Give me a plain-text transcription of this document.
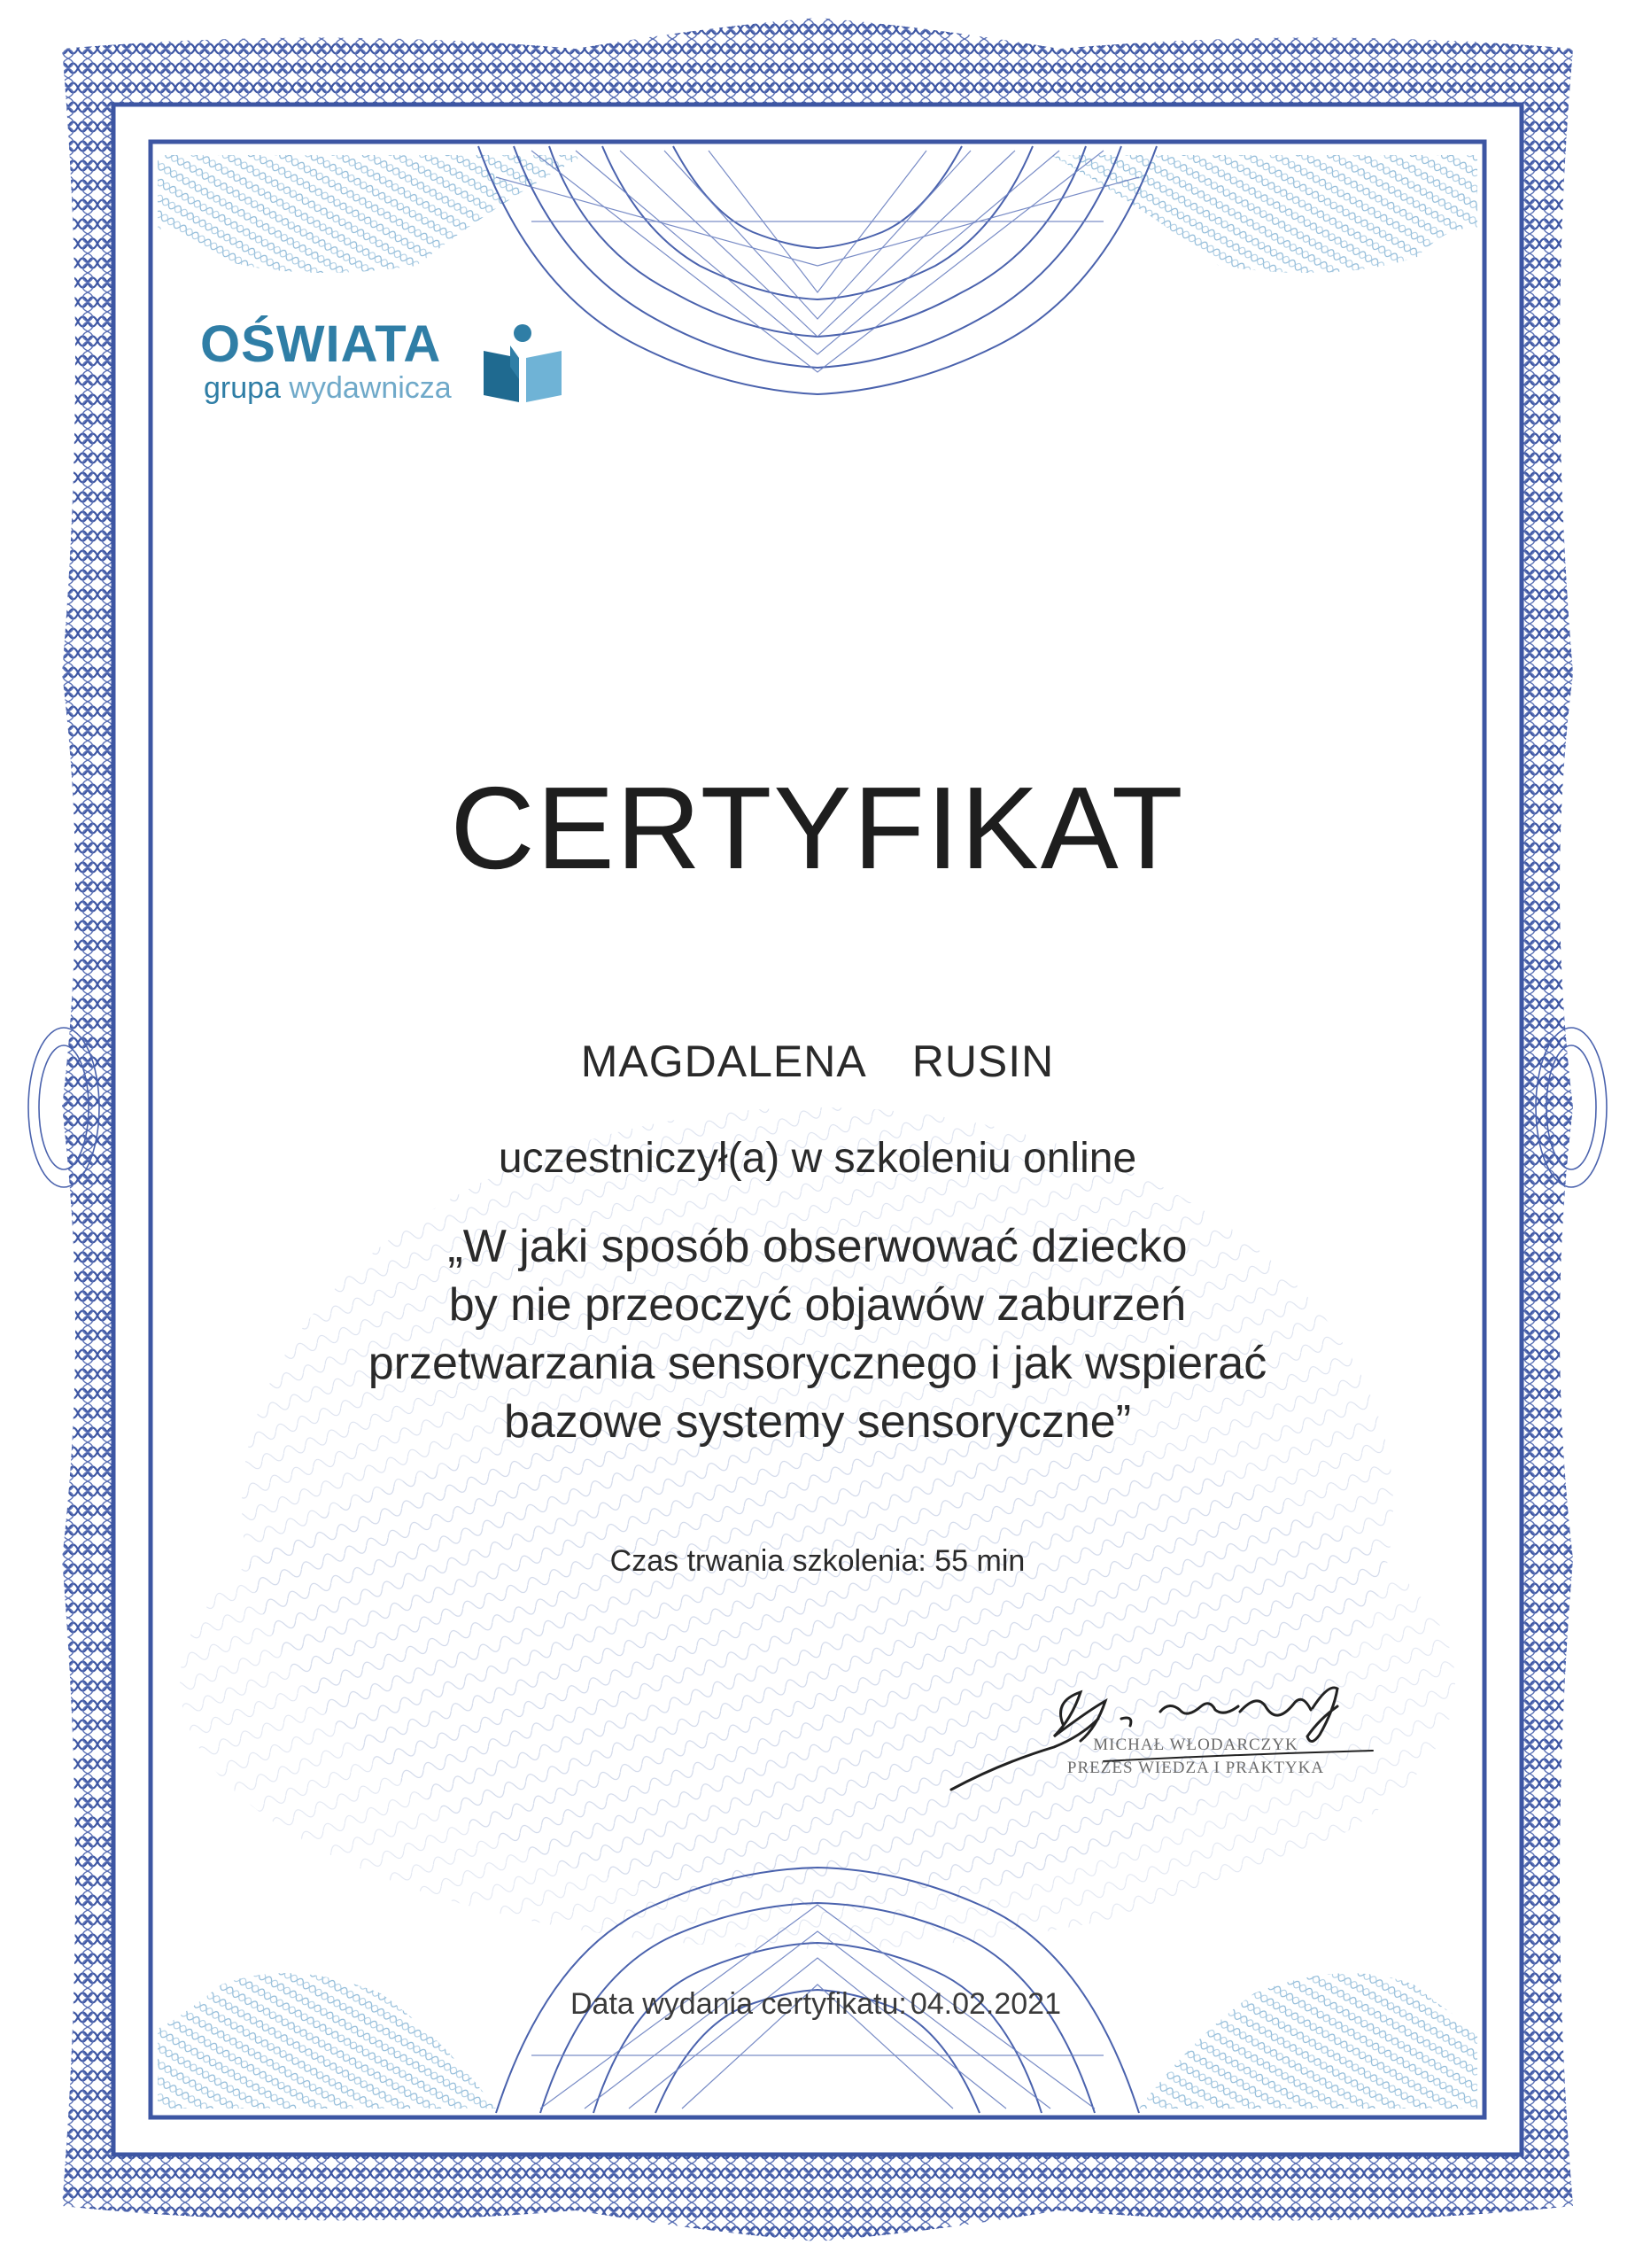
OŚWIATA
grupa wydawnicza
CERTYFIKAT
MAGDALENA  RUSIN
uczestniczył(a) w szkoleniu online
„W jaki sposób obserwować dziecko
by nie przeoczyć objawów zaburzeń
przetwarzania sensorycznego i jak wspierać
bazowe systemy sensoryczne”
Czas trwania szkolenia: 55 min
MICHAŁ WŁODARCZYK
PREZES WIEDZA I PRAKTYKA
Data wydania certyfikatu: 04.02.2021
